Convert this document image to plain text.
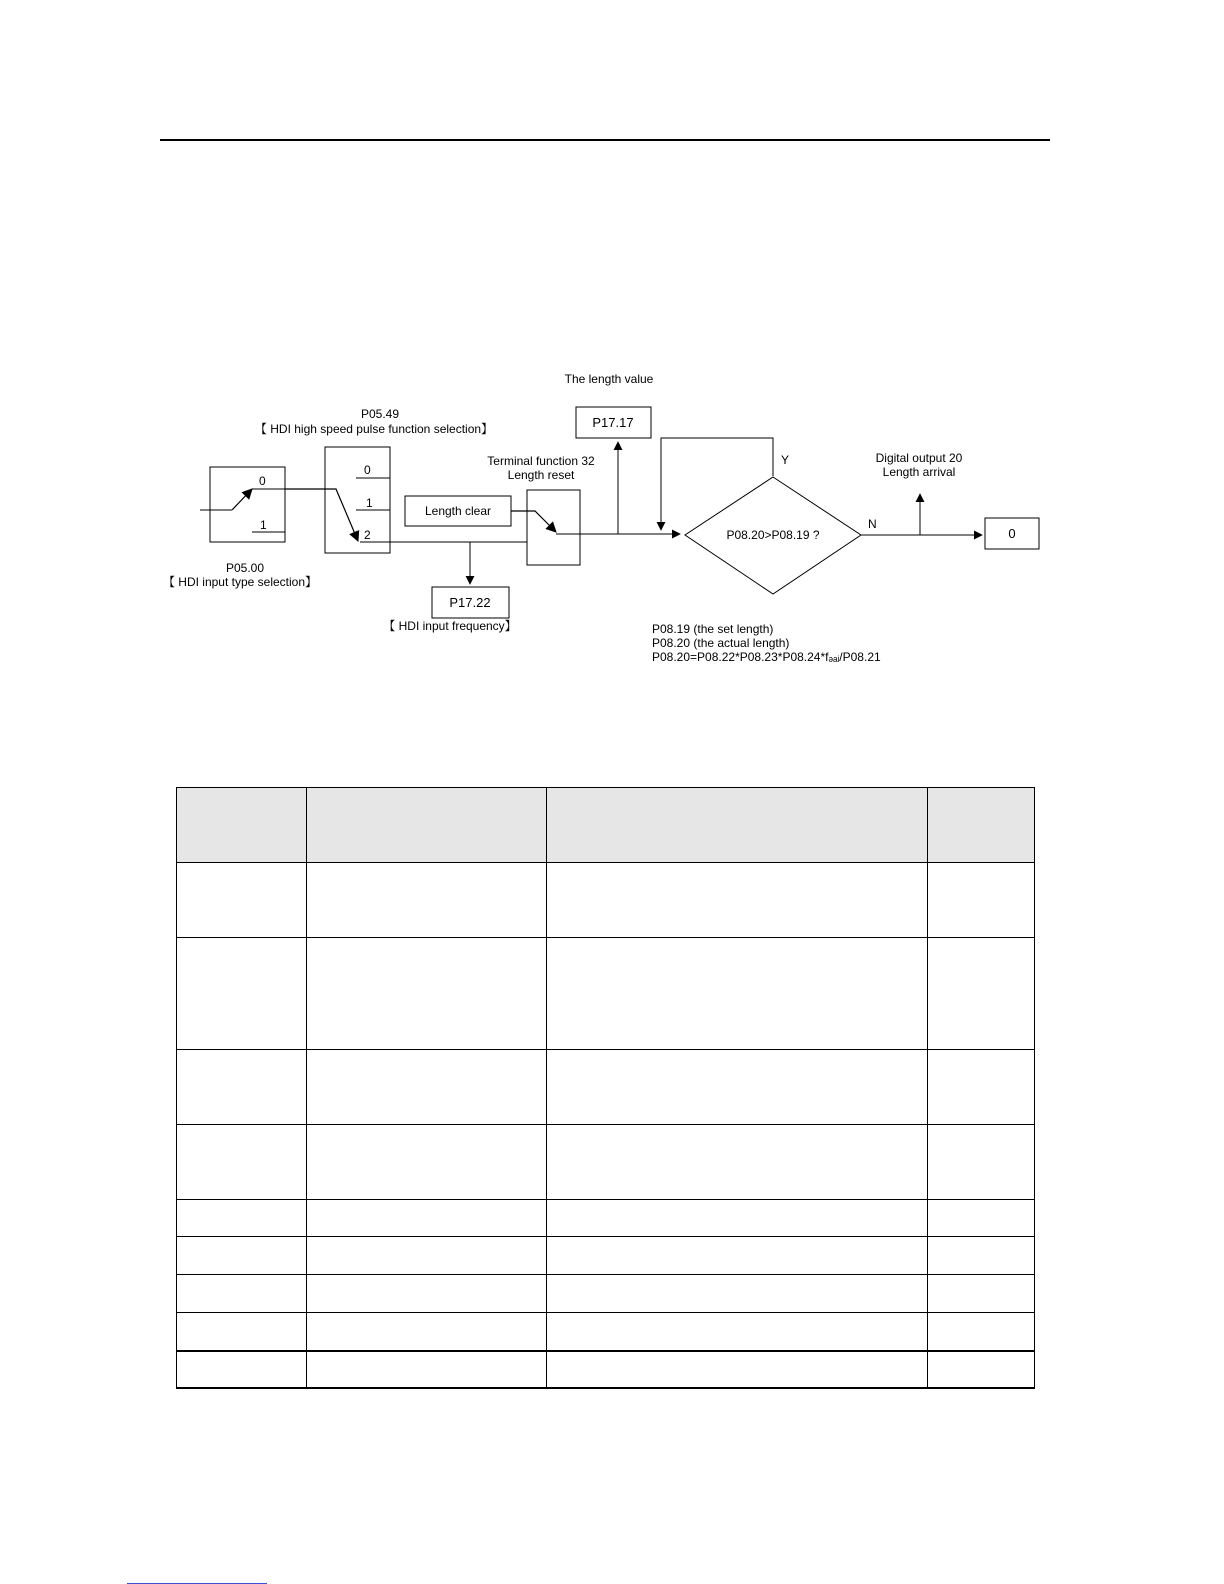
The length value
P17.17
P05.49
【 HDI high speed pulse function selection】
0
1
P05.00
【 HDI input type selection】
0
1
2
P17.22
【 HDI input frequency】
Terminal function 32
Length reset
Length clear
Y
P08.20>P08.19 ?
N
Digital output 20
Length arrival
0
P08.19 (the set length)
P08.20 (the actual length)
P08.20=P08.22*P08.23*P08.24*fₔₐᵢ/P08.21
